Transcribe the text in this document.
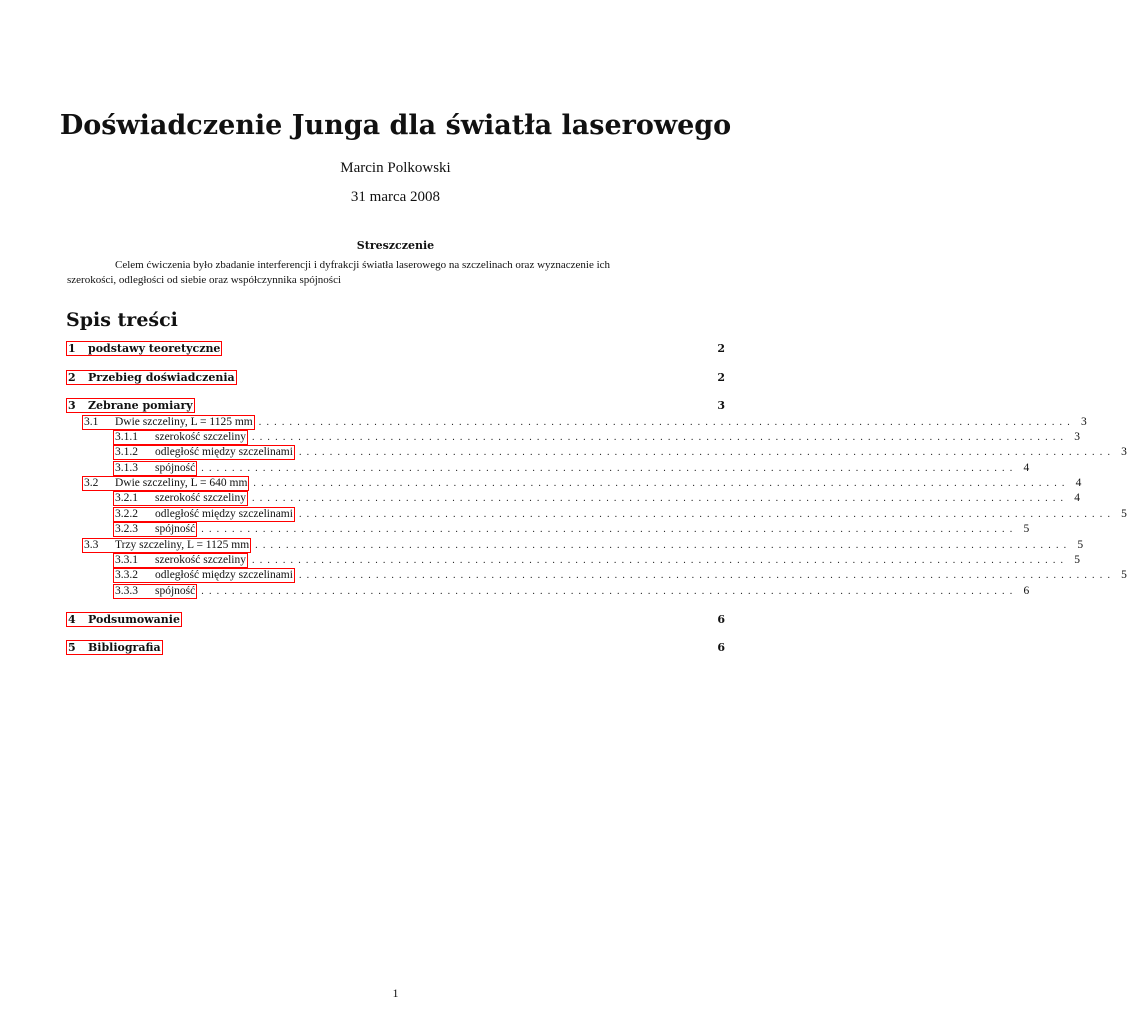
Doświadczenie Junga dla światła laserowego
Marcin Polkowski
31 marca 2008
Streszczenie
Celem ćwiczenia było zbadanie interferencji i dyfrakcji światła laserowego na szczelinach oraz wyznaczenie ich
szerokości, odległości od siebie oraz współczynnika spójności
Spis treści
1	podstawy teoretyczne	2
2	Przebieg doświadczenia	2
3	Zebrane pomiary	3
3.1	Dwie szczeliny, L = 1125 mm .......................................................................................................... 3
3.1.1	szerokość szczeliny .......................................................................................................... 3
3.1.2	odległość między szczelinami .......................................................................................................... 3
3.1.3	spójność .......................................................................................................... 4
3.2	Dwie szczeliny, L = 640 mm .......................................................................................................... 4
3.2.1	szerokość szczeliny .......................................................................................................... 4
3.2.2	odległość między szczelinami .......................................................................................................... 5
3.2.3	spójność .......................................................................................................... 5
3.3	Trzy szczeliny, L = 1125 mm .......................................................................................................... 5
3.3.1	szerokość szczeliny .......................................................................................................... 5
3.3.2	odległość między szczelinami .......................................................................................................... 5
3.3.3	spójność .......................................................................................................... 6
4	Podsumowanie	6
5	Bibliografia	6
1
